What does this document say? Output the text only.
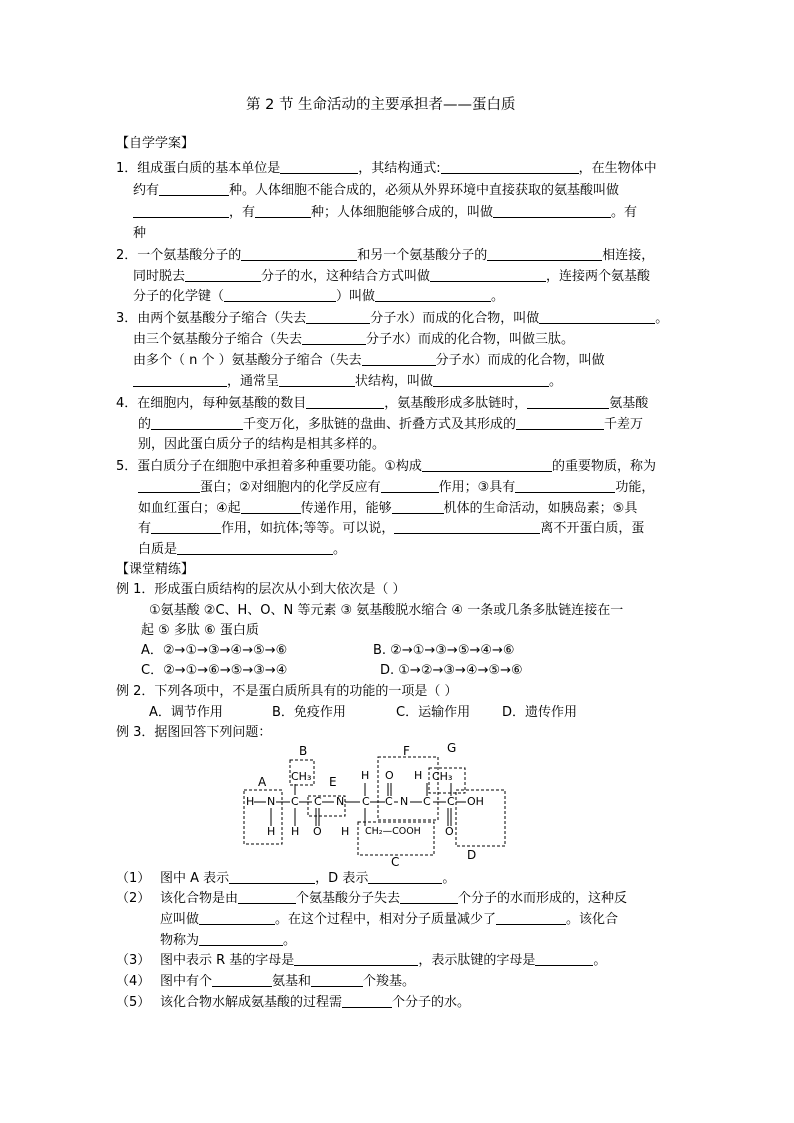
第 2 节 生命活动的主要承担者——蛋白质
【自学学案】
1．组成蛋白质的基本单位是	，其结构通式:	，在生物体中
约有	种。人体细胞不能合成的，必须从外界环境中直接获取的氨基酸叫做
，有	种；人体细胞能够合成的，叫做	。有
种
2．一个氨基酸分子的	和另一个氨基酸分子的	相连接，
同时脱去	分子的水，这种结合方式叫做	，连接两个氨基酸
分子的化学键（	）叫做	。
3．由两个氨基酸分子缩合（失去	分子水）而成的化合物，叫做	。
由三个氨基酸分子缩合（失去	分子水）而成的化合物，叫做三肽。
由多个（ n 个 ）氨基酸分子缩合（失去	分子水）而成的化合物，叫做
，通常呈	状结构，叫做	。
4．在细胞内，每种氨基酸的数目	，氨基酸形成多肽链时，	氨基酸
的	千变万化，多肽链的盘曲、折叠方式及其形成的	千差万
别，因此蛋白质分子的结构是相其多样的。
5．蛋白质分子在细胞中承担着多种重要功能。①构成	的重要物质，称为
蛋白；②对细胞内的化学反应有	作用；③具有	功能，
如血红蛋白；④起	传递作用，能够	机体的生命活动，如胰岛素；⑤具
有	作用，如抗体;等等。可以说，	离不开蛋白质，蛋
白质是	。
【课堂精练】
例 1．形成蛋白质结构的层次从小到大依次是（ ）
①氨基酸 ②C、H、O、N 等元素 ③ 氨基酸脱水缩合 ④ 一条或几条多肽链连接在一
起 ⑤ 多肽 ⑥ 蛋白质
A．②→①→③→④→⑤→⑥	B. ②→①→③→⑤→④→⑥
C．②→①→⑥→⑤→③→④	D. ①→②→③→④→⑤→⑥
例 2．下列各项中，不是蛋白质所具有的功能的一项是（ ）
A．调节作用	B．免疫作用	C．运输作用 D．遗传作用
例 3．据图回答下列问题：
A
B
E
F	G
C	D
CH₃	H O H CH₃
H N C C N C C N C C OH
H H O H CH₂—COOH O
（1） 图中 A 表示	，D 表示	。
（2） 该化合物是由	个氨基酸分子失去	个分子的水而形成的，这种反
应叫做	。在这个过程中，相对分子质量减少了	。该化合
物称为	。
（3） 图中表示 R 基的字母是	，表示肽键的字母是	。
（4） 图中有个	氨基和	个羧基。
（5） 该化合物水解成氨基酸的过程需	个分子的水。
